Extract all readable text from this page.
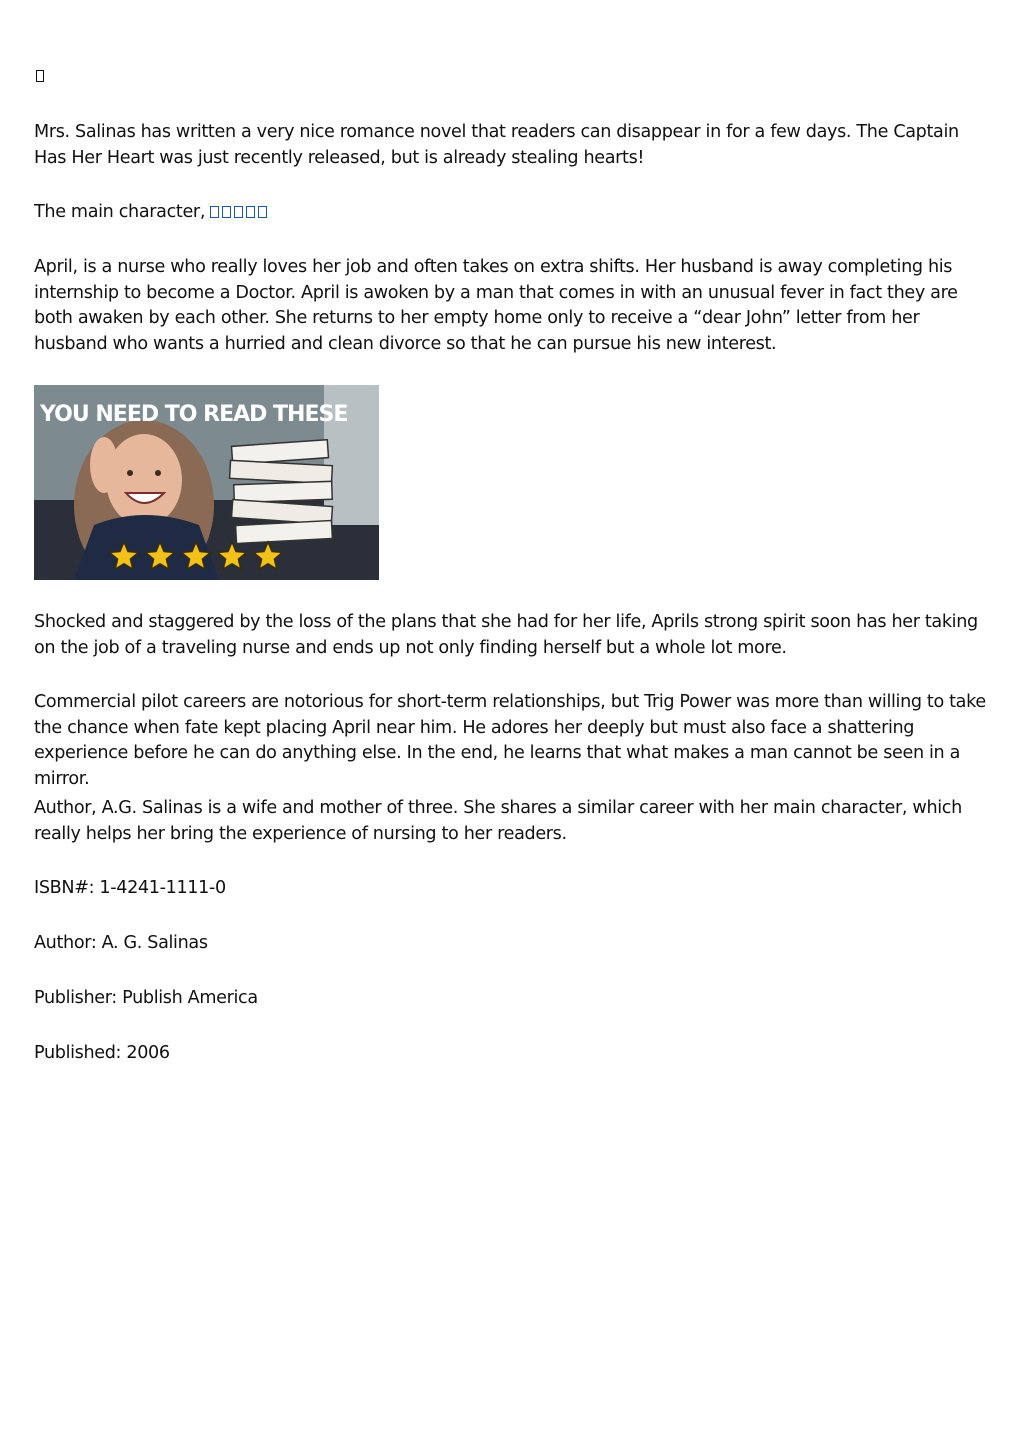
Mrs. Salinas has written a very nice romance novel that readers can disappear in for a few days. The Captain Has Her Heart was just recently released, but is already stealing hearts!

The main character,

April, is a nurse who really loves her job and often takes on extra shifts. Her husband is away completing his internship to become a Doctor. April is awoken by a man that comes in with an unusual fever in fact they are both awaken by each other. She returns to her empty home only to receive a “dear John” letter from her husband who wants a hurried and clean divorce so that he can pursue his new interest.

Shocked and staggered by the loss of the plans that she had for her life, Aprils strong spirit soon has her taking on the job of a traveling nurse and ends up not only finding herself but a whole lot more.

Commercial pilot careers are notorious for short-term relationships, but Trig Power was more than willing to take the chance when fate kept placing April near him. He adores her deeply but must also face a shattering experience before he can do anything else. In the end, he learns that what makes a man cannot be seen in a mirror.

Author, A.G. Salinas is a wife and mother of three. She shares a similar career with her main character, which really helps her bring the experience of nursing to her readers.

ISBN#: 1-4241-1111-0

Author: A. G. Salinas

Publisher: Publish America

Published: 2006

YOU NEED TO READ THESE
